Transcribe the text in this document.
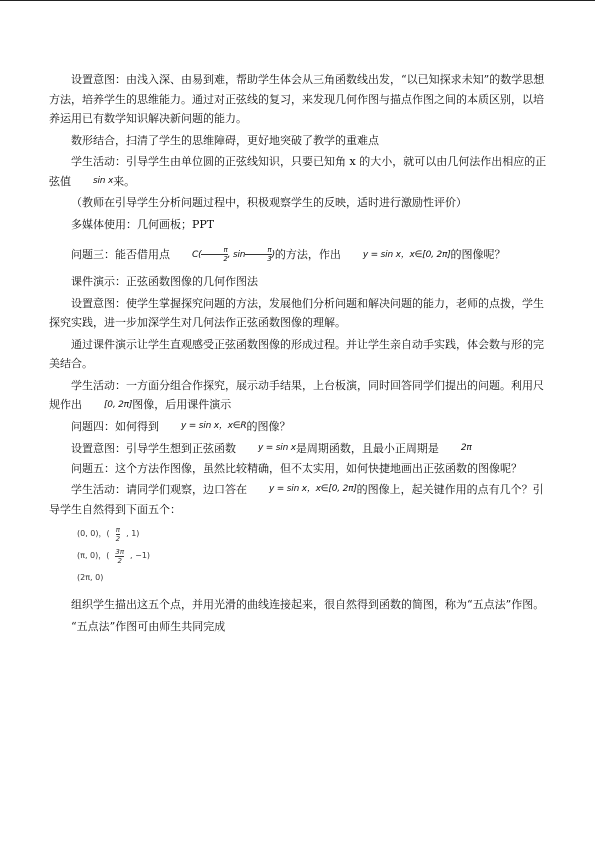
设置意图：由浅入深、由易到难，帮助学生体会从三角函数线出发，“以已知探求未知”的数学思想方法，培养学生的思维能力。通过对正弦线的复习，来发现几何作图与描点作图之间的本质区别，以培养运用已有数学知识解决新问题的能力。

数形结合，扫清了学生的思维障碍，更好地突破了教学的重难点

学生活动：引导学生由单位圆的正弦线知识，只要已知角 x 的大小，就可以由几何法作出相应的正弦值 sin x来。

（教师在引导学生分析问题过程中，积极观察学生的反映，适时进行激励性评价）

多媒体使用：几何画板；PPT

问题三：能否借用点 $C( \frac{\pi}{2}$ , $\sin \frac{\pi}{3}$ )的方法，作出 y = sin x，x∈[0, 2π]的图像呢？

课件演示：正弦函数图像的几何作图法

设置意图：使学生掌握探究问题的方法，发展他们分析问题和解决问题的能力，老师的点拨，学生探究实践，进一步加深学生对几何法作正弦函数图像的理解。

通过课件演示让学生直观感受正弦函数图像的形成过程。并让学生亲自动手实践，体会数与形的完美结合。

学生活动：一方面分组合作探究，展示动手结果，上台板演，同时回答同学们提出的问题。利用尺规作出 [0, 2π]图像，后用课件演示

问题四：如何得到 y = sin x，x∈R的图像？

设置意图：引导学生想到正弦函数 y = sin x是周期函数，且最小正周期是 2π

问题五：这个方法作图像，虽然比较精确，但不太实用，如何快捷地画出正弦函数的图像呢？

学生活动：请同学们观察，边口答在 y = sin x，x∈[0, 2π]的图像上，起关键作用的点有几个？引导学生自然得到下面五个：

(0, 0)，( $\frac{\pi}{2}$ , 1)
(π, 0)，( $\frac{3\pi}{2}$ , −1)
(2π, 0)

组织学生描出这五个点，并用光滑的曲线连接起来，很自然得到函数的简图，称为“五点法”作图。

“五点法”作图可由师生共同完成
